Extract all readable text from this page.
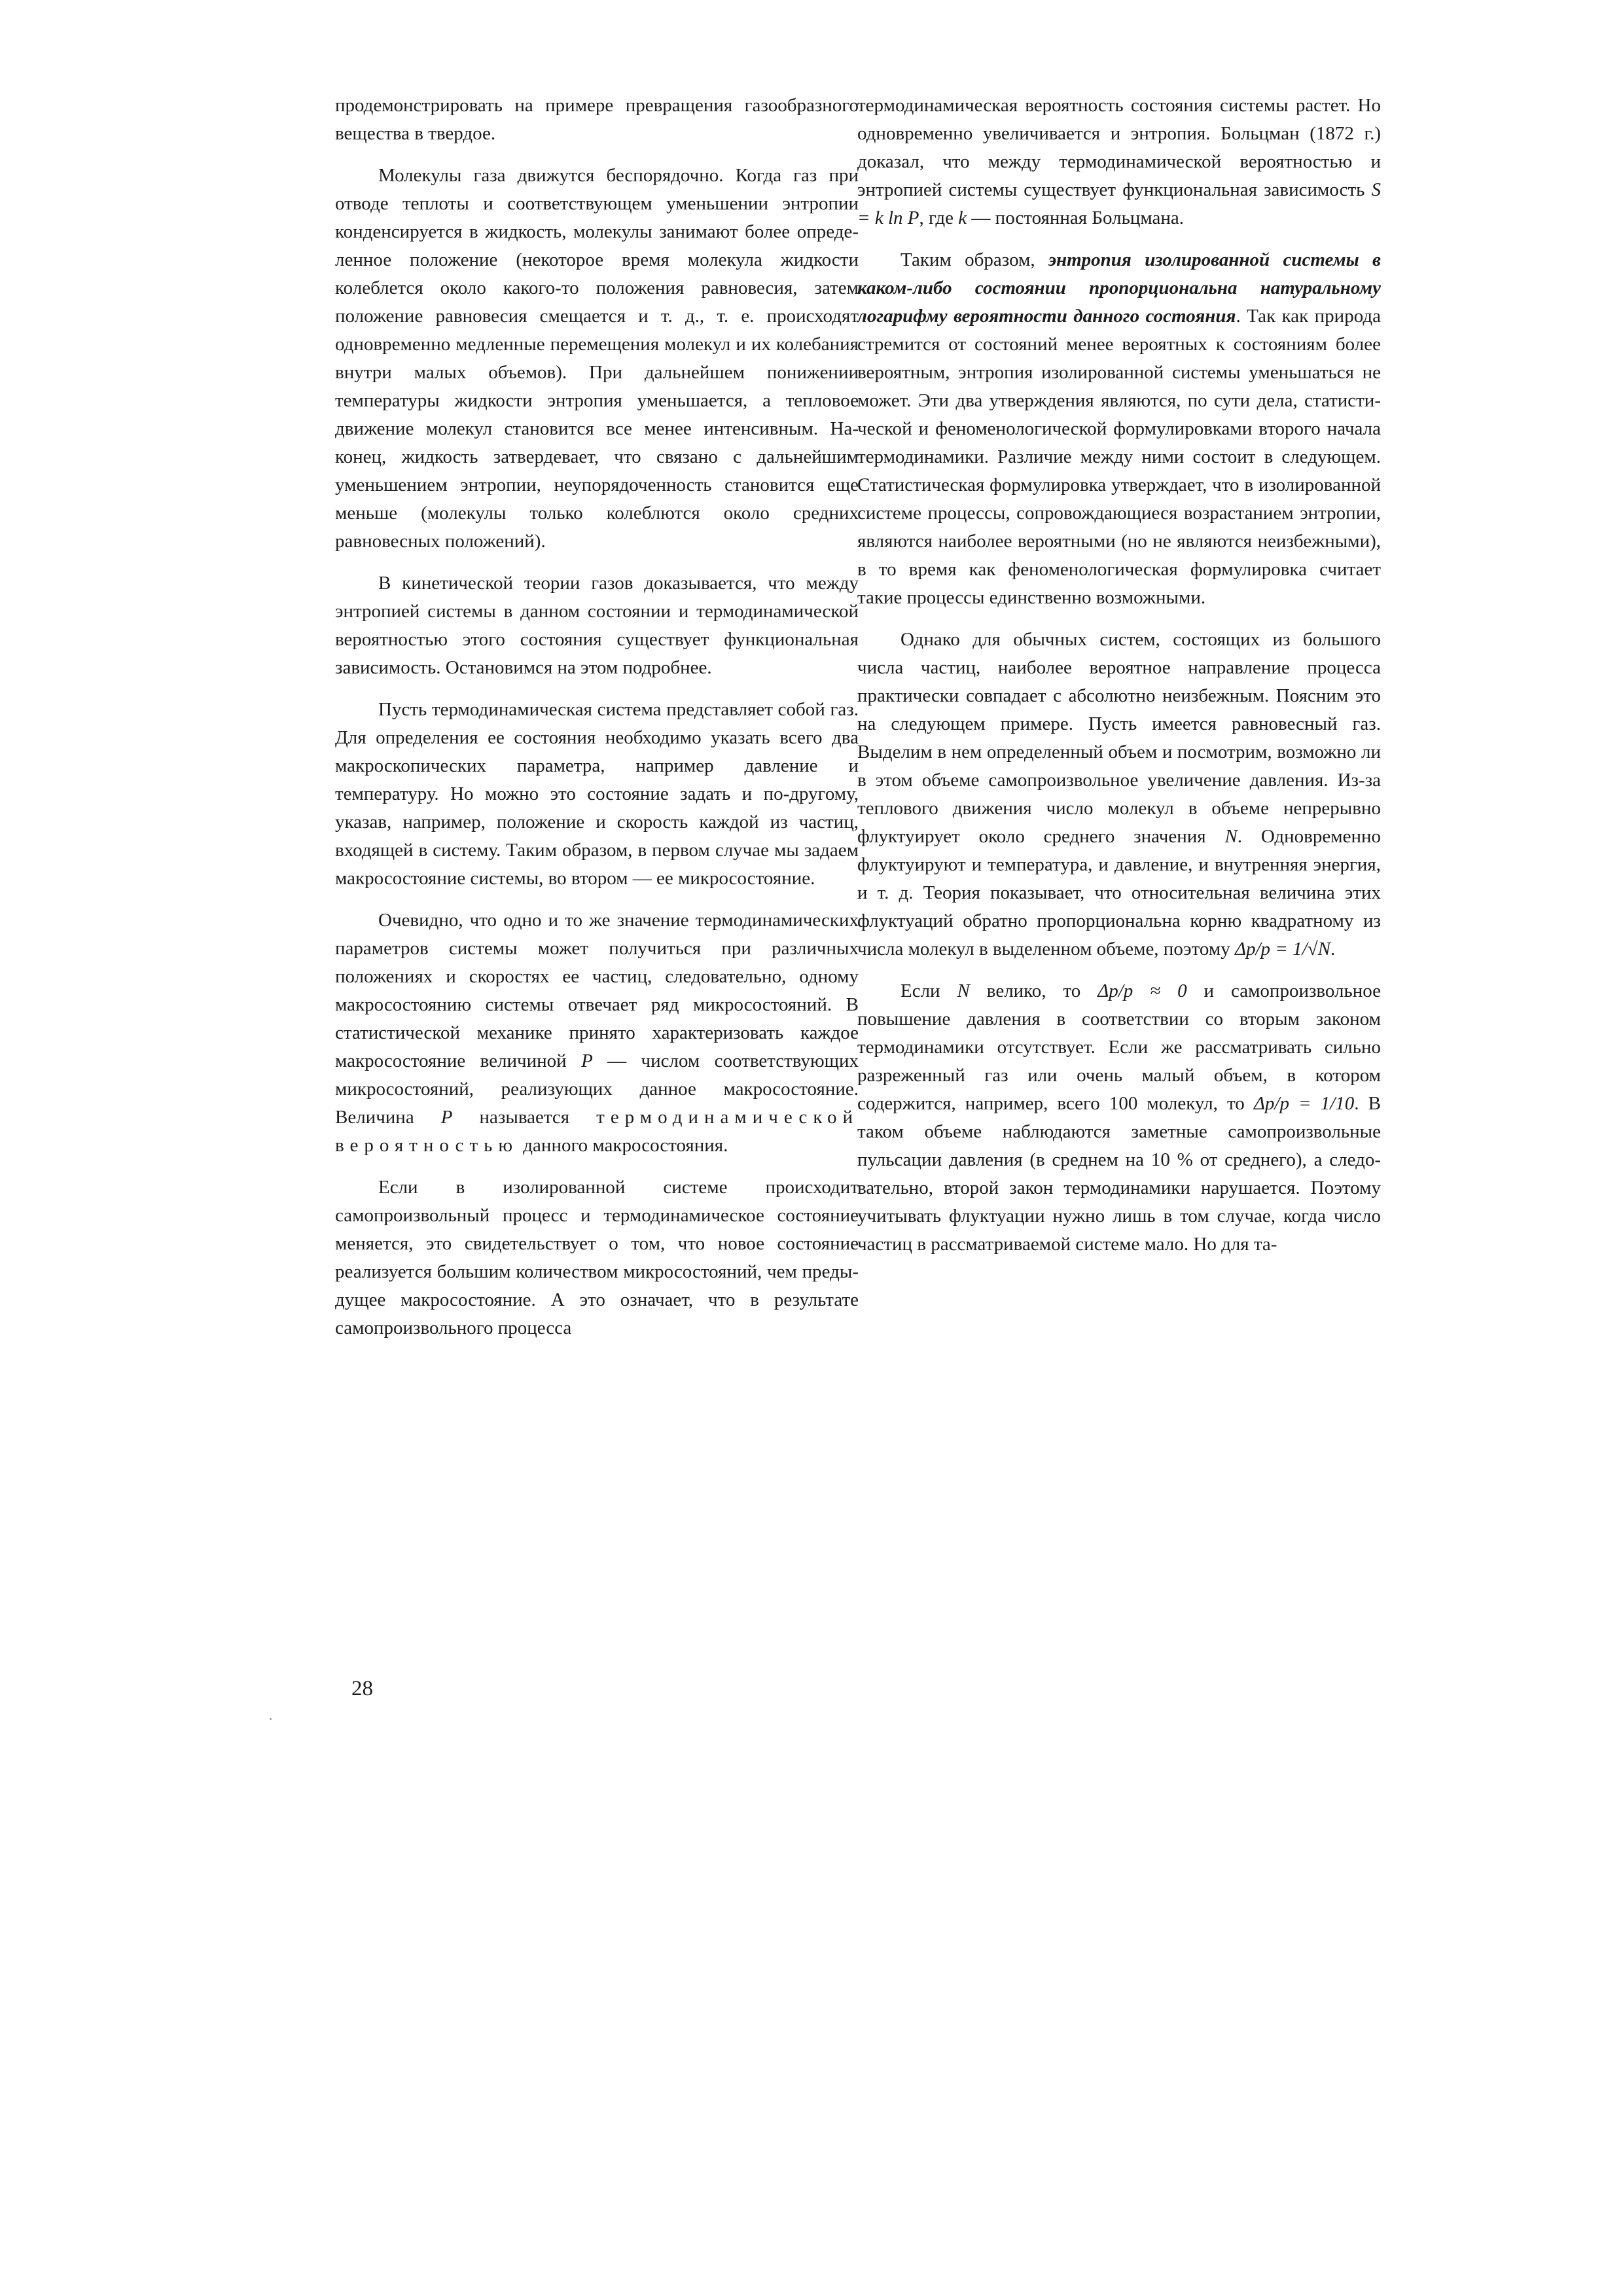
продемонстрировать на примере превращения газообразного вещества в твердое.

Молекулы газа движутся беспорядочно. Когда газ при отводе теплоты и соответствующем уменьшении энтропии конденсируется в жидкость, молекулы занимают более определенное положение (некоторое время молекула жидкости колеблется около какого-то положения равновесия, затем положение равновесия смещается и т. д., т. е. происходят одновременно медленные перемещения молекул и их колебания внутри малых объемов). При дальнейшем понижении температуры жидкости энтропия уменьшается, а тепловое движение молекул становится все менее интенсивным. Наконец, жидкость затвердевает, что связано с дальнейшим уменьшением энтропии, неупорядоченность становится еще меньше (молекулы только колеблются около средних равновесных положений).

В кинетической теории газов доказывается, что между энтропией системы в данном состоянии и термодинамической вероятностью этого состояния существует функциональная зависимость. Остановимся на этом подробнее.

Пусть термодинамическая система представляет собой газ. Для определения ее состояния необходимо указать всего два макроскопических параметра, например давление и температуру. Но можно это состояние задать и по-другому, указав, например, положение и скорость каждой из частиц, входящей в систему. Таким образом, в первом случае мы задаем макросостояние системы, во втором — ее микросостояние.

Очевидно, что одно и то же значение термодинамических параметров системы может получиться при различных положениях и скоростях ее частиц, следовательно, одному макросостоянию системы отвечает ряд микросостояний. В статистической механике принято характеризовать каждое макросостояние величиной P — числом соответствующих микросостояний, реализующих данное макросостояние. Величина P называется термодинамической вероятностью данного макросостояния.

Если в изолированной системе происходит самопроизвольный процесс и термодинамическое состояние меняется, это свидетельствует о том, что новое состояние реализуется большим количеством микросостояний, чем предыдущее макросостояние. А это означает, что в результате самопроизвольного процесса

термодинамическая вероятность состояния системы растет. Но одновременно увеличивается и энтропия. Больцман (1872 г.) доказал, что между термодинамической вероятностью и энтропией системы существует функциональная зависимость S = k ln P, где k — постоянная Больцмана.

Таким образом, энтропия изолированной системы в каком-либо состоянии пропорциональна натуральному логарифму вероятности данного состояния. Так как природа стремится от состояний менее вероятных к состояниям более вероятным, энтропия изолированной системы уменьшаться не может. Эти два утверждения являются, по сути дела, статистической и феноменологической формулировками второго начала термодинамики. Различие между ними состоит в следующем. Статистическая формулировка утверждает, что в изолированной системе процессы, сопровождающиеся возрастанием энтропии, являются наиболее вероятными (но не являются неизбежными), в то время как феноменологическая формулировка считает такие процессы единственно возможными.

Однако для обычных систем, состоящих из большого числа частиц, наиболее вероятное направление процесса практически совпадает с абсолютно неизбежным. Поясним это на следующем примере. Пусть имеется равновесный газ. Выделим в нем определенный объем и посмотрим, возможно ли в этом объеме самопроизвольное увеличение давления. Из-за теплового движения число молекул в объеме непрерывно флуктуирует около среднего значения N. Одновременно флуктуируют и температура, и давление, и внутренняя энергия, и т. д. Теория показывает, что относительная величина этих флуктуаций обратно пропорциональна корню квадратному из числа молекул в выделенном объеме, поэтому Δp/p = 1/√N.

Если N велико, то Δp/p ≈ 0 и самопроизвольное повышение давления в соответствии со вторым законом термодинамики отсутствует. Если же рассматривать сильно разреженный газ или очень малый объем, в котором содержится, например, всего 100 молекул, то Δp/p = 1/10. В таком объеме наблюдаются заметные самопроизвольные пульсации давления (в среднем на 10 % от среднего), а следовательно, второй закон термодинамики нарушается. Поэтому учитывать флуктуации нужно лишь в том случае, когда число частиц в рассматриваемой системе мало. Но для та-

28
